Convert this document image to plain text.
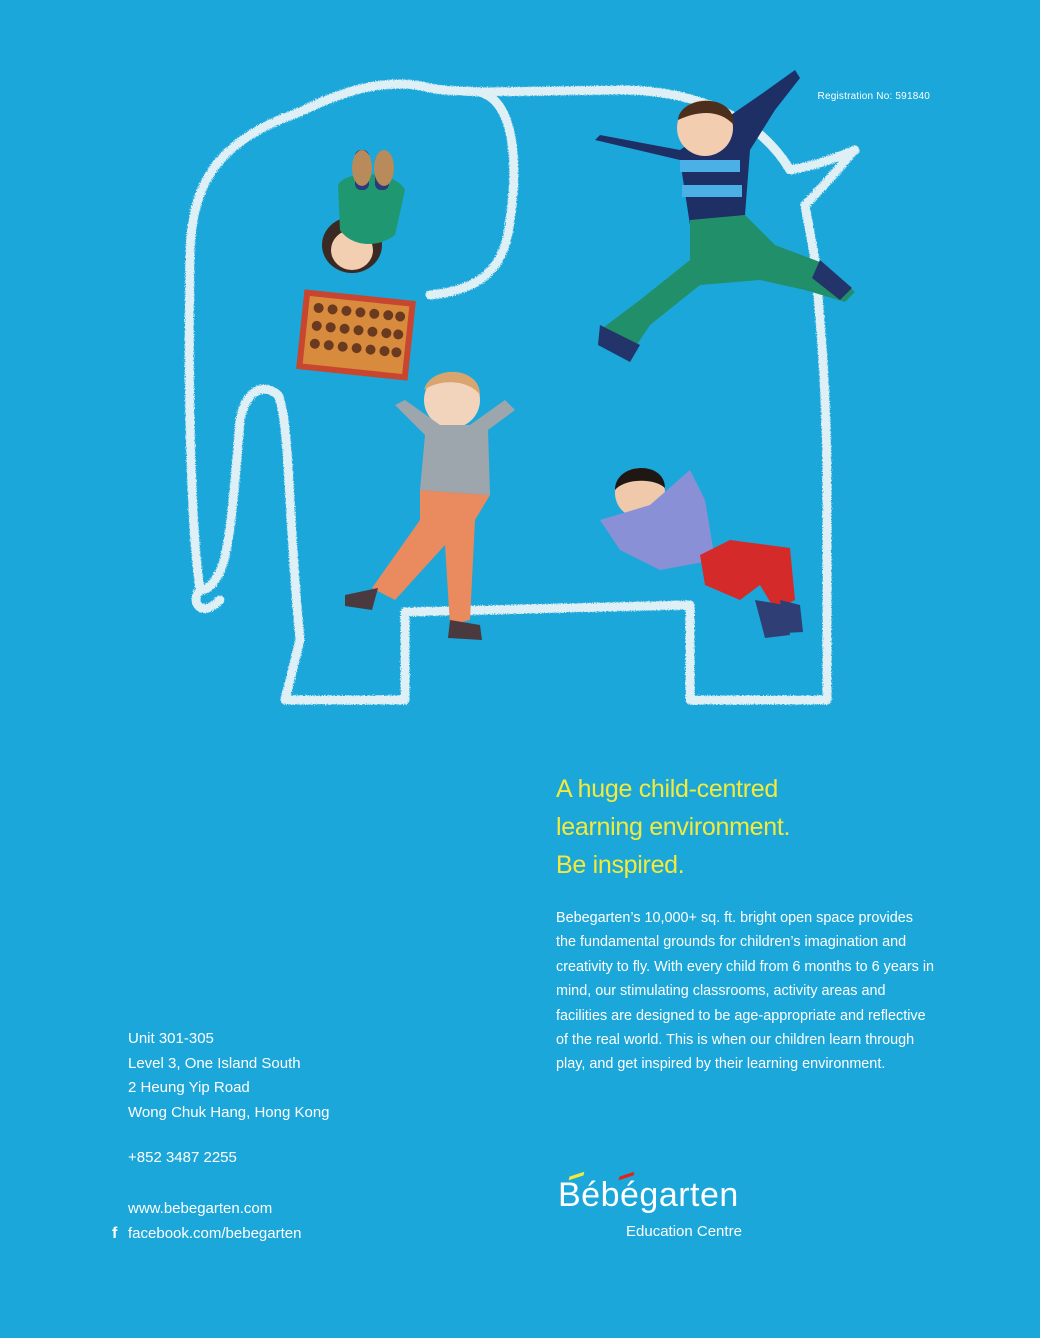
Registration No: 591840
A huge child-centred
learning environment.
Be inspired.

Bebegarten’s 10,000+ sq. ft. bright open space provides the fundamental grounds for children’s imagination and creativity to fly. With every child from 6 months to 6 years in mind, our stimulating classrooms, activity areas and facilities are designed to be age-appropriate and reflective of the real world. This is when our children learn through play, and get inspired by their learning environment.

Unit 301-305
Level 3, One Island South
2 Heung Yip Road
Wong Chuk Hang, Hong Kong
+852 3487 2255
www.bebegarten.com
f facebook.com/bebegarten
Bébégarten
Education Centre
